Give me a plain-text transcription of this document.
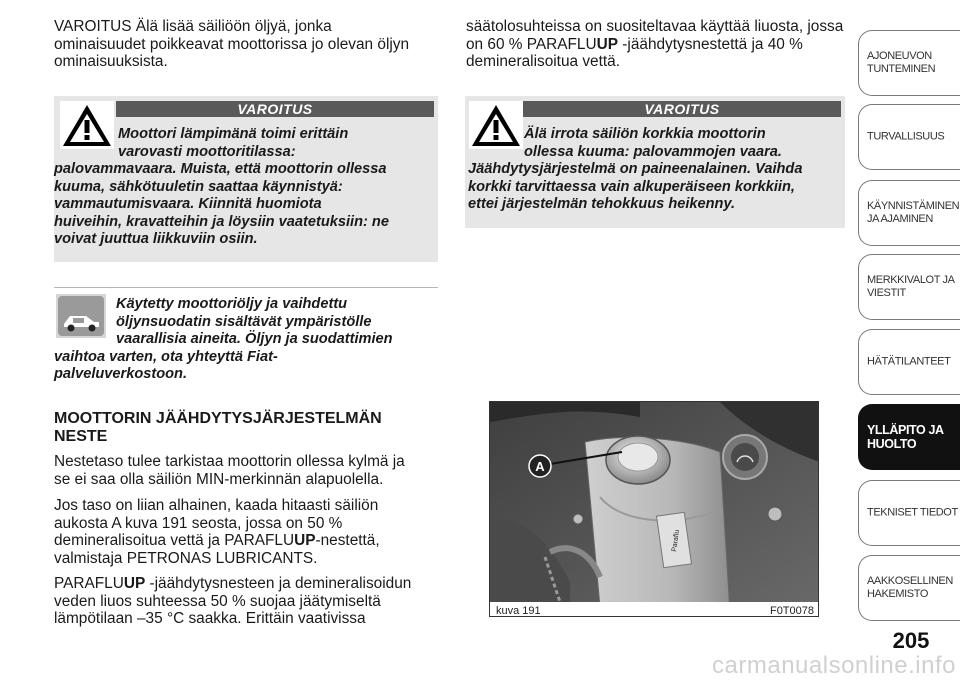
VAROITUS Älä lisää säiliöön öljyä, jonka
ominaisuudet poikkeavat moottorissa jo olevan öljyn
ominaisuuksista.
VAROITUS
Moottori lämpimänä toimi erittäin
varovasti moottoritilassa:
palovammavaara. Muista, että moottorin ollessa
kuuma, sähkötuuletin saattaa käynnistyä:
vammautumisvaara. Kiinnitä huomiota
huiveihin, kravatteihin ja löysiin vaatetuksiin: ne
voivat juuttua liikkuviin osiin.
Käytetty moottoriöljy ja vaihdettu
öljynsuodatin sisältävät ympäristölle
vaarallisia aineita. Öljyn ja suodattimien
vaihtoa varten, ota yhteyttä Fiat-
palveluverkostoon.
MOOTTORIN JÄÄHDYTYSJÄRJESTELMÄN
NESTE
Nestetaso tulee tarkistaa moottorin ollessa kylmä ja
se ei saa olla säiliön MIN-merkinnän alapuolella.
Jos taso on liian alhainen, kaada hitaasti säiliön
aukosta A kuva 191 seosta, jossa on 50 %
demineralisoitua vettä ja PARAFLUUP-nestettä,
valmistaja PETRONAS LUBRICANTS.
PARAFLUUP -jäähdytysnesteen ja demineralisoidun
veden liuos suhteessa 50 % suojaa jäätymiseltä
lämpötilaan –35 °C saakka. Erittäin vaativissa
säätolosuhteissa on suositeltavaa käyttää liuosta, jossa
on 60 % PARAFLUUP -jäähdytysnestettä ja 40 %
demineralisoitua vettä.
VAROITUS
Älä irrota säiliön korkkia moottorin
ollessa kuuma: palovammojen vaara.
Jäähdytysjärjestelmä on paineenalainen. Vaihda
korkki tarvittaessa vain alkuperäiseen korkkiin,
ettei järjestelmän tehokkuus heikenny.
Paraflu
A
kuva 191	F0T0078
AJONEUVON
TUNTEMINEN
TURVALLISUUS
KÄYNNISTÄMINEN
JA AJAMINEN
MERKKIVALOT JA
VIESTIT
HÄTÄTILANTEET
YLLÄPITO JA
HUOLTO
TEKNISET TIEDOT
AAKKOSELLINEN
HAKEMISTO
205
carmanualsonline.info
